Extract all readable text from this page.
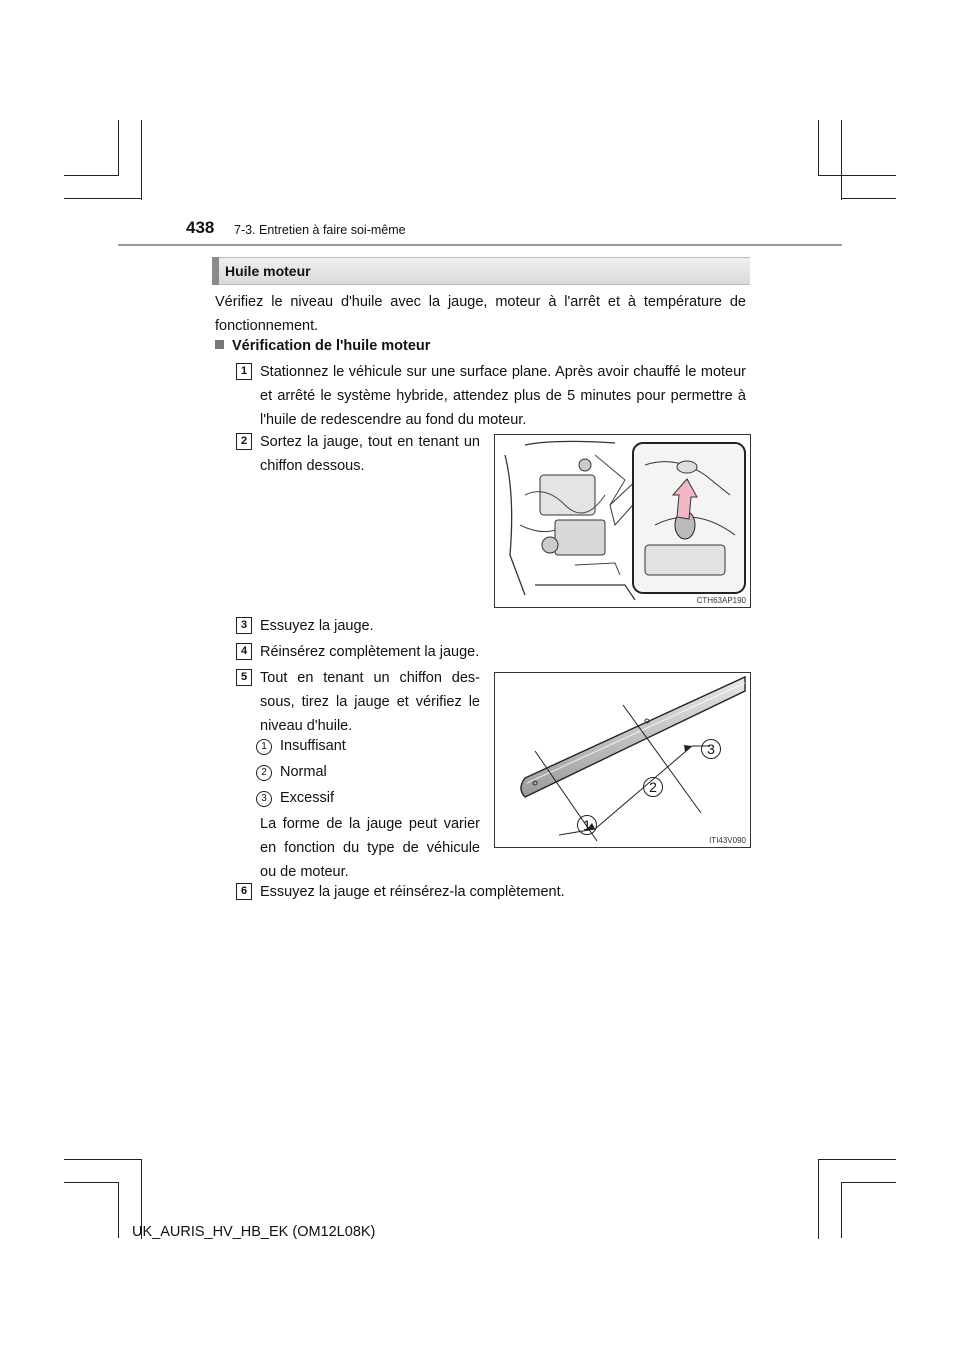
438 7-3. Entretien à faire soi-même
Huile moteur
Vérifiez le niveau d'huile avec la jauge, moteur à l'arrêt et à température de fonctionnement.
Vérification de l'huile moteur
1 Stationnez le véhicule sur une surface plane. Après avoir chauffé le moteur et arrêté le système hybride, attendez plus de 5 minutes pour permettre à l'huile de redescendre au fond du moteur.
2 Sortez la jauge, tout en tenant un chiffon dessous.
CTH63AP190
3 Essuyez la jauge.
4 Réinsérez complètement la jauge.
5 Tout en tenant un chiffon des-sous, tirez la jauge et vérifiez le niveau d'huile.
1 Insuffisant
2 Normal
3 Excessif
La forme de la jauge peut varier en fonction du type de véhicule ou de moteur.
1
2
3
ITI43V090
6 Essuyez la jauge et réinsérez-la complètement.
UK_AURIS_HV_HB_EK (OM12L08K)
